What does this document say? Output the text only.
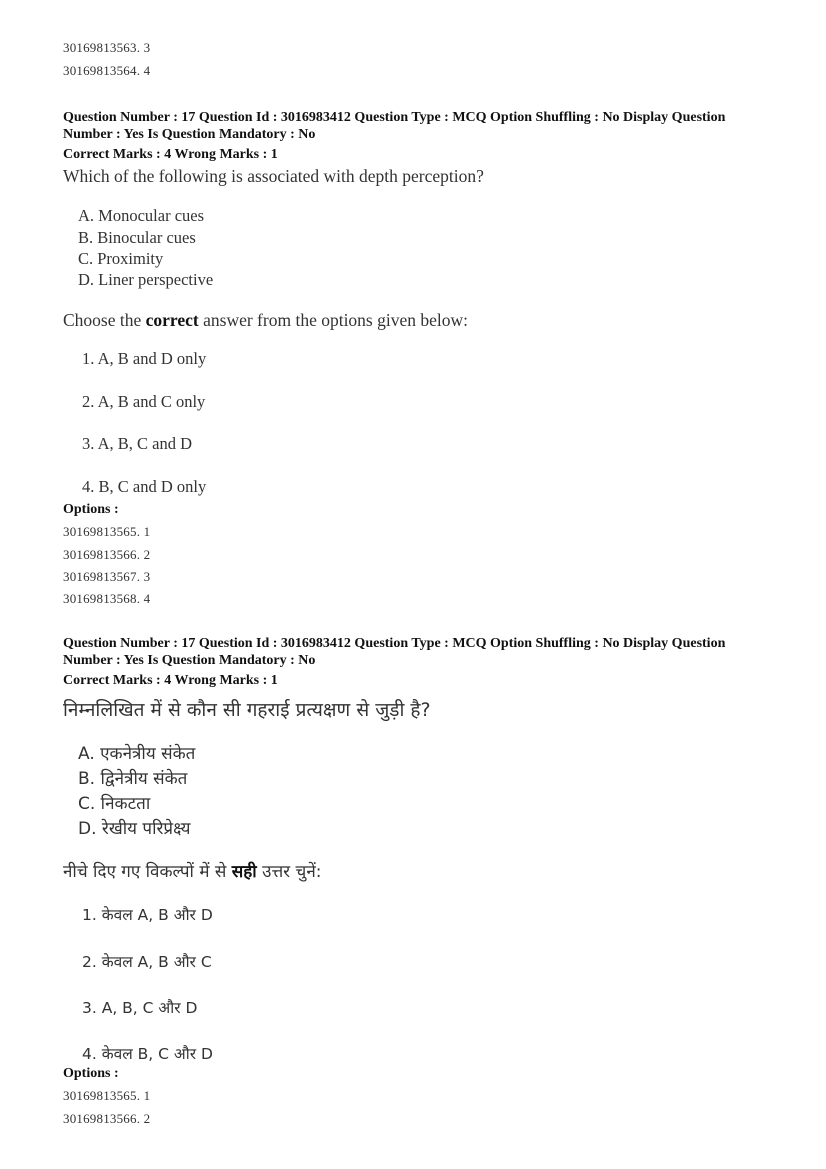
30169813563. 3
30169813564. 4
Question Number : 17 Question Id : 3016983412 Question Type : MCQ Option Shuffling : No Display Question
Number : Yes Is Question Mandatory : No
Correct Marks : 4 Wrong Marks : 1
Which of the following is associated with depth perception?
A. Monocular cues
B. Binocular cues
C. Proximity
D. Liner perspective
Choose the correct answer from the options given below:
1. A, B and D only
2. A, B and C only
3. A, B, C and D
4. B, C and D only
Options :
30169813565. 1
30169813566. 2
30169813567. 3
30169813568. 4
Question Number : 17 Question Id : 3016983412 Question Type : MCQ Option Shuffling : No Display Question
Number : Yes Is Question Mandatory : No
Correct Marks : 4 Wrong Marks : 1
निम्नलिखित में से कौन सी गहराई प्रत्यक्षण से जुड़ी है?
A. एकनेत्रीय संकेत
B. द्विनेत्रीय संकेत
C. निकटता
D. रेखीय परिप्रेक्ष्य
नीचे दिए गए विकल्पों में से सही उत्तर चुनें:
1. केवल A, B और D
2. केवल A, B और C
3. A, B, C और D
4. केवल B, C और D
Options :
30169813565. 1
30169813566. 2
